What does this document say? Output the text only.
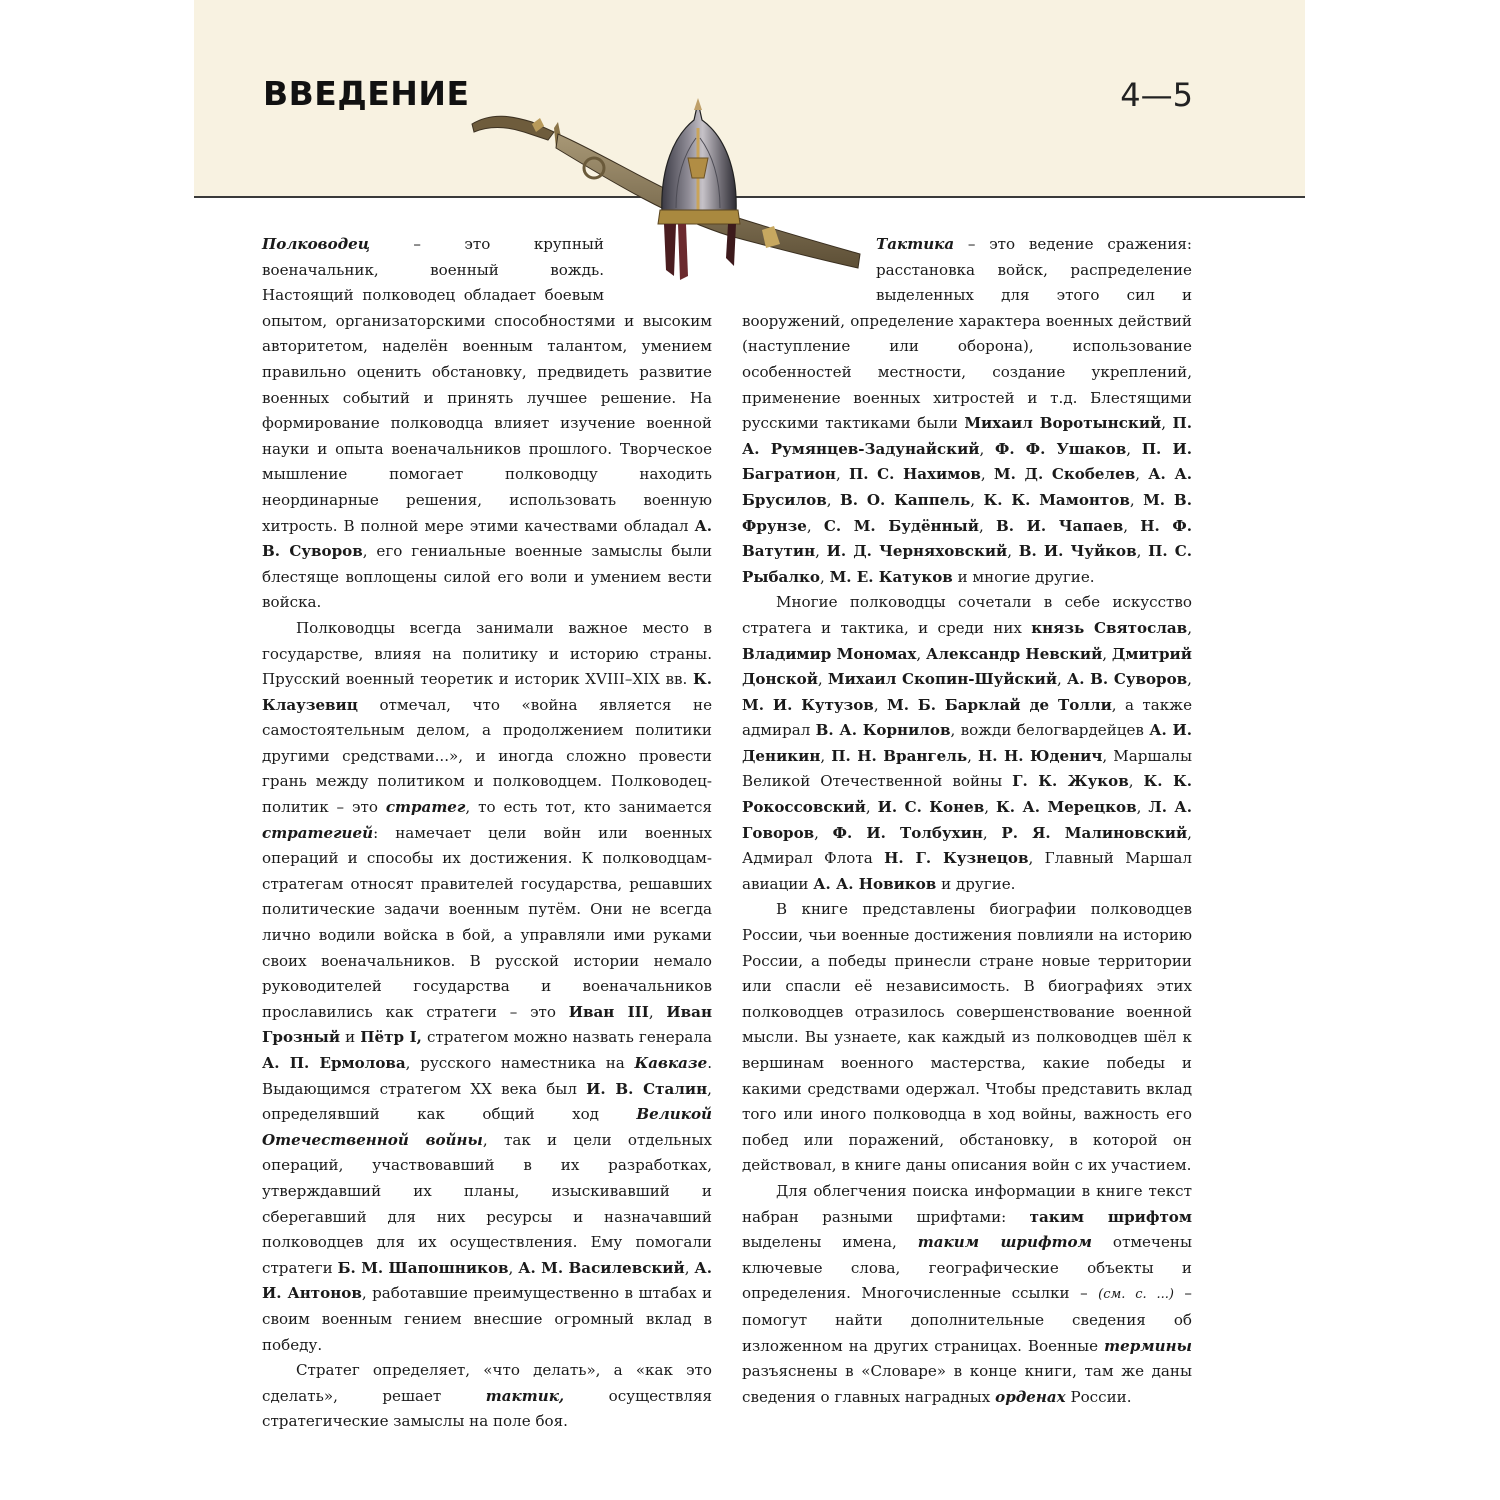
ВВЕДЕНИЕ	4—5

Полководец – это крупный военачальник, военный вождь. Настоящий полководец обладает боевым опытом, организаторскими способностями и высоким авторитетом, наделён военным талантом, умением правильно оценить обстановку, предвидеть развитие военных событий и принять лучшее решение. На формирование полководца влияет изучение военной науки и опыта военачальников прошлого. Творческое мышление помогает полководцу находить неординарные решения, использовать военную хитрость. В полной мере этими качествами обладал А. В. Суворов, его гениальные военные замыслы были блестяще воплощены силой его воли и умением вести войска.

Полководцы всегда занимали важное место в государстве, влияя на политику и историю страны. Прусский военный теоретик и историк XVIII–XIX вв. К. Клаузевиц отмечал, что «война является не самостоятельным делом, а продолжением политики другими средствами...», и иногда сложно провести грань между политиком и полководцем. Полководец-политик – это стратег, то есть тот, кто занимается стратегией: намечает цели войн или военных операций и способы их достижения. К полководцам-стратегам относят правителей государства, решавших политические задачи военным путём. Они не всегда лично водили войска в бой, а управляли ими руками своих военачальников. В русской истории немало руководителей государства и военачальников прославились как стратеги – это Иван III, Иван Грозный и Пётр I, стратегом можно назвать генерала А. П. Ермолова, русского наместника на Кавказе. Выдающимся стратегом XX века был И. В. Сталин, определявший как общий ход Великой Отечественной войны, так и цели отдельных операций, участвовавший в их разработках, утверждавший их планы, изыскивавший и сберегавший для них ресурсы и назначавший полководцев для их осуществления. Ему помогали стратеги Б. М. Шапошников, А. М. Василевский, А. И. Антонов, работавшие преимущественно в штабах и своим военным гением внесшие огромный вклад в победу.

Стратег определяет, «что делать», а «как это сделать», решает тактик, осуществляя стратегические замыслы на поле боя.

Тактика – это ведение сражения: расстановка войск, распределение выделенных для этого сил и вооружений, определение характера военных действий (наступление или оборона), использование особенностей местности, создание укреплений, применение военных хитростей и т.д. Блестящими русскими тактиками были Михаил Воротынский, П. А. Румянцев-Задунайский, Ф. Ф. Ушаков, П. И. Багратион, П. С. Нахимов, М. Д. Скобелев, А. А. Брусилов, В. О. Каппель, К. К. Мамонтов, М. В. Фрунзе, С. М. Будённый, В. И. Чапаев, Н. Ф. Ватутин, И. Д. Черняховский, В. И. Чуйков, П. С. Рыбалко, М. Е. Катуков и многие другие.

Многие полководцы сочетали в себе искусство стратега и тактика, и среди них князь Святослав, Владимир Мономах, Александр Невский, Дмитрий Донской, Михаил Скопин-Шуйский, А. В. Суворов, М. И. Кутузов, М. Б. Барклай де Толли, а также адмирал В. А. Корнилов, вожди белогвардейцев А. И. Деникин, П. Н. Врангель, Н. Н. Юденич, Маршалы Великой Отечественной войны Г. К. Жуков, К. К. Рокоссовский, И. С. Конев, К. А. Мерецков, Л. А. Говоров, Ф. И. Толбухин, Р. Я. Малиновский, Адмирал Флота Н. Г. Кузнецов, Главный Маршал авиации А. А. Новиков и другие.

В книге представлены биографии полководцев России, чьи военные достижения повлияли на историю России, а победы принесли стране новые территории или спасли её независимость. В биографиях этих полководцев отразилось совершенствование военной мысли. Вы узнаете, как каждый из полководцев шёл к вершинам военного мастерства, какие победы и какими средствами одержал. Чтобы представить вклад того или иного полководца в ход войны, важность его побед или поражений, обстановку, в которой он действовал, в книге даны описания войн с их участием.

Для облегчения поиска информации в книге текст набран разными шрифтами: таким шрифтом выделены имена, таким шрифтом отмечены ключевые слова, географические объекты и определения. Многочисленные ссылки – (см. с. ...) – помогут найти дополнительные сведения об изложенном на других страницах. Военные термины разъяснены в «Словаре» в конце книги, там же даны сведения о главных наградных орденах России.
